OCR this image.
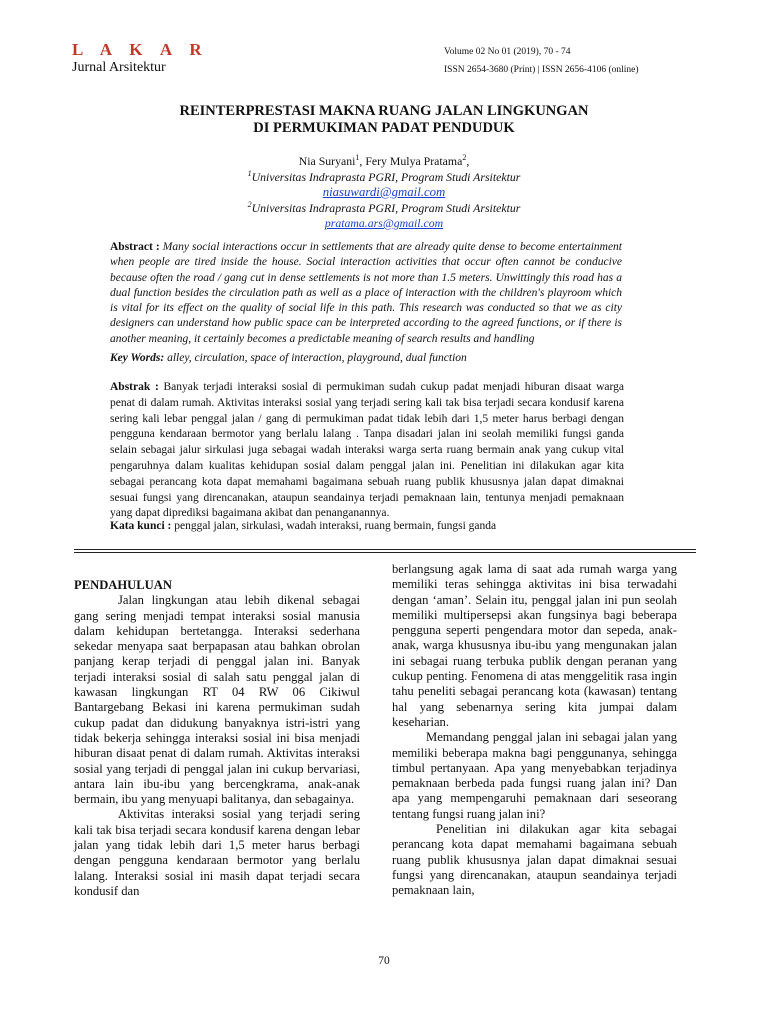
L A K A R
Jurnal Arsitektur
Volume 02 No 01 (2019), 70 - 74
ISSN 2654-3680 (Print) | ISSN 2656-4106 (online)
REINTERPRESTASI MAKNA RUANG JALAN LINGKUNGAN
DI PERMUKIMAN PADAT PENDUDUK
Nia Suryani$^1$, Fery Mulya Pratama$^2$,
$^1$Universitas Indraprasta PGRI, Program Studi Arsitektur
niasuwardi@gmail.com
$^2$Universitas Indraprasta PGRI, Program Studi Arsitektur
pratama.ars@gmail.com
Abstract : Many social interactions occur in settlements that are already quite dense to become entertainment when people are tired inside the house. Social interaction activities that occur often cannot be conducive because often the road / gang cut in dense settlements is not more than 1.5 meters. Unwittingly this road has a dual function besides the circulation path as well as a place of interaction with the children's playroom which is vital for its effect on the quality of social life in this path. This research was conducted so that we as city designers can understand how public space can be interpreted according to the agreed functions, or if there is another meaning, it certainly becomes a predictable meaning of search results and handling
Key Words: alley, circulation, space of interaction, playground, dual function
Abstrak : Banyak terjadi interaksi sosial di permukiman sudah cukup padat menjadi hiburan disaat warga penat di dalam rumah. Aktivitas interaksi sosial yang terjadi sering kali tak bisa terjadi secara kondusif karena sering kali lebar penggal jalan / gang di permukiman padat tidak lebih dari 1,5 meter harus berbagi dengan pengguna kendaraan bermotor yang berlalu lalang . Tanpa disadari jalan ini seolah memiliki fungsi ganda selain sebagai jalur sirkulasi juga sebagai wadah interaksi warga serta ruang bermain anak yang cukup vital pengaruhnya dalam kualitas kehidupan sosial dalam penggal jalan ini. Penelitian ini dilakukan agar kita sebagai perancang kota dapat memahami bagaimana sebuah ruang publik khususnya jalan dapat dimaknai sesuai fungsi yang direncanakan, ataupun seandainya terjadi pemaknaan lain, tentunya menjadi pemaknaan yang dapat diprediksi bagaimana akibat dan penanganannya.
Kata kunci : penggal jalan, sirkulasi, wadah interaksi, ruang bermain, fungsi ganda

PENDAHULUAN

Jalan lingkungan atau lebih dikenal sebagai gang sering menjadi tempat interaksi sosial manusia dalam kehidupan bertetangga. Interaksi sederhana sekedar menyapa saat berpapasan atau bahkan obrolan panjang kerap terjadi di penggal jalan ini. Banyak terjadi interaksi sosial di salah satu penggal jalan di kawasan lingkungan RT 04 RW 06 Cikiwul Bantargebang Bekasi ini karena permukiman sudah cukup padat dan didukung banyaknya istri-istri yang tidak bekerja sehingga interaksi sosial ini bisa menjadi hiburan disaat penat di dalam rumah. Aktivitas interaksi sosial yang terjadi di penggal jalan ini cukup bervariasi, antara lain ibu-ibu yang bercengkrama, anak-anak bermain, ibu yang menyuapi balitanya, dan sebagainya.

Aktivitas interaksi sosial yang terjadi sering kali tak bisa terjadi secara kondusif karena dengan lebar jalan yang tidak lebih dari 1,5 meter harus berbagi dengan pengguna kendaraan bermotor yang berlalu lalang. Interaksi sosial ini masih dapat terjadi secara kondusif dan

berlangsung agak lama di saat ada rumah warga yang memiliki teras sehingga aktivitas ini bisa terwadahi dengan ‘aman’. Selain itu, penggal jalan ini pun seolah memiliki multipersepsi akan fungsinya bagi beberapa pengguna seperti pengendara motor dan sepeda, anak-anak, warga khususnya ibu-ibu yang mengunakan jalan ini sebagai ruang terbuka publik dengan peranan yang cukup penting. Fenomena di atas menggelitik rasa ingin tahu peneliti sebagai perancang kota (kawasan) tentang hal yang sebenarnya sering kita jumpai dalam keseharian.

Memandang penggal jalan ini sebagai jalan yang memiliki beberapa makna bagi penggunanya, sehingga timbul pertanyaan. Apa yang menyebabkan terjadinya pemaknaan berbeda pada fungsi ruang jalan ini? Dan apa yang mempengaruhi pemaknaan dari seseorang tentang fungsi ruang jalan ini?

Penelitian ini dilakukan agar kita sebagai perancang kota dapat memahami bagaimana sebuah ruang publik khususnya jalan dapat dimaknai sesuai fungsi yang direncanakan, ataupun seandainya terjadi pemaknaan lain,

70
